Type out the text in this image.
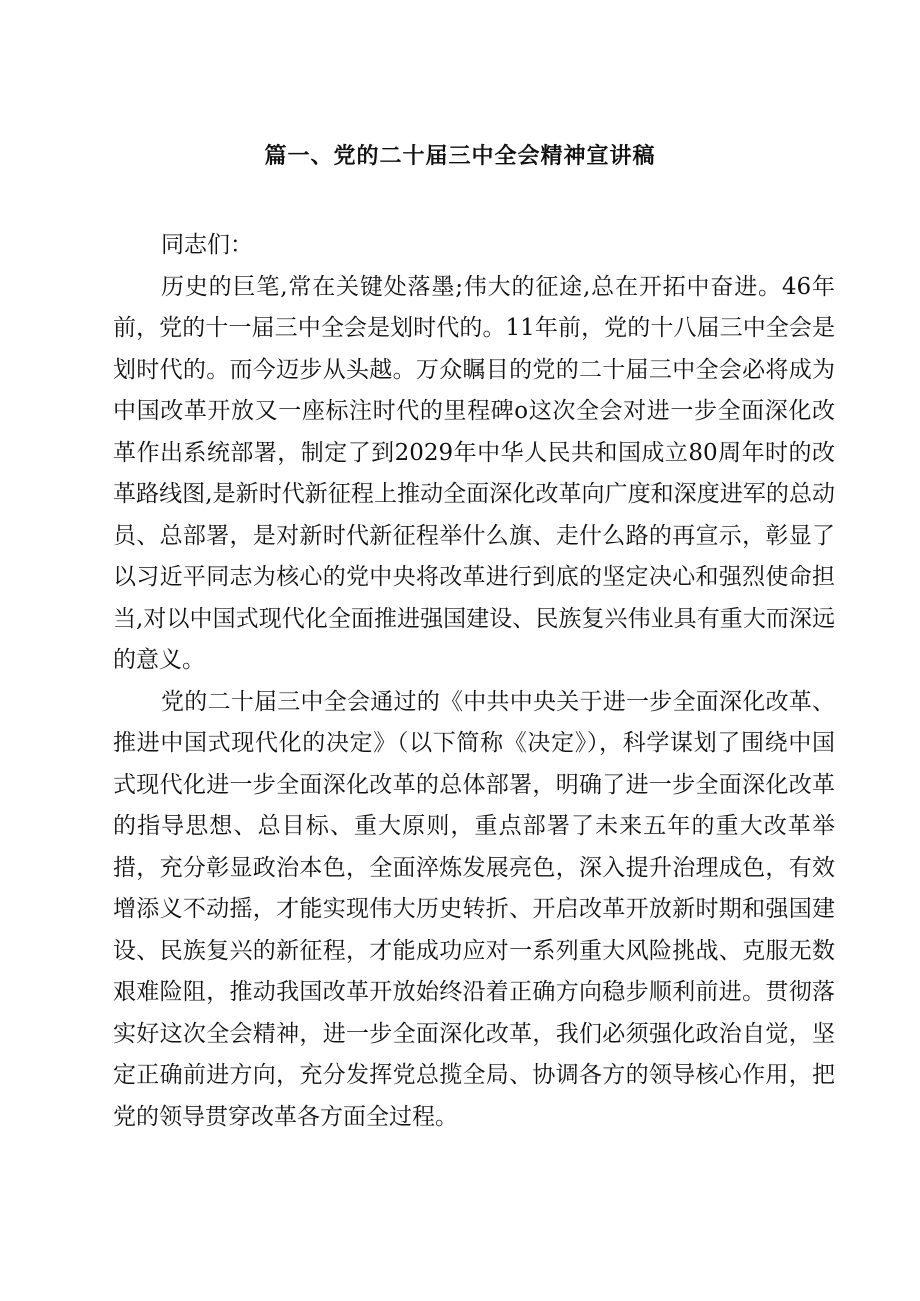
篇一、党的二十届三中全会精神宣讲稿

同志们：

历史的巨笔,常在关键处落墨;伟大的征途,总在开拓中奋进。46年前，党的十一届三中全会是划时代的。11年前，党的十八届三中全会是划时代的。而今迈步从头越。万众瞩目的党的二十届三中全会必将成为中国改革开放又一座标注时代的里程碑o这次全会对进一步全面深化改革作出系统部署，制定了到2029年中华人民共和国成立80周年时的改革路线图,是新时代新征程上推动全面深化改革向广度和深度进军的总动员、总部署，是对新时代新征程举什么旗、走什么路的再宣示，彰显了以习近平同志为核心的党中央将改革进行到底的坚定决心和强烈使命担当,对以中国式现代化全面推进强国建设、民族复兴伟业具有重大而深远的意义。

党的二十届三中全会通过的《中共中央关于进一步全面深化改革、推进中国式现代化的决定》（以下简称《决定》），科学谋划了围绕中国式现代化进一步全面深化改革的总体部署，明确了进一步全面深化改革的指导思想、总目标、重大原则，重点部署了未来五年的重大改革举措，充分彰显政治本色，全面淬炼发展亮色，深入提升治理成色，有效增添义不动摇，才能实现伟大历史转折、开启改革开放新时期和强国建设、民族复兴的新征程，才能成功应对一系列重大风险挑战、克服无数艰难险阻，推动我国改革开放始终沿着正确方向稳步顺利前进。贯彻落实好这次全会精神，进一步全面深化改革，我们必须强化政治自觉，坚定正确前进方向，充分发挥党总揽全局、协调各方的领导核心作用，把党的领导贯穿改革各方面全过程。
